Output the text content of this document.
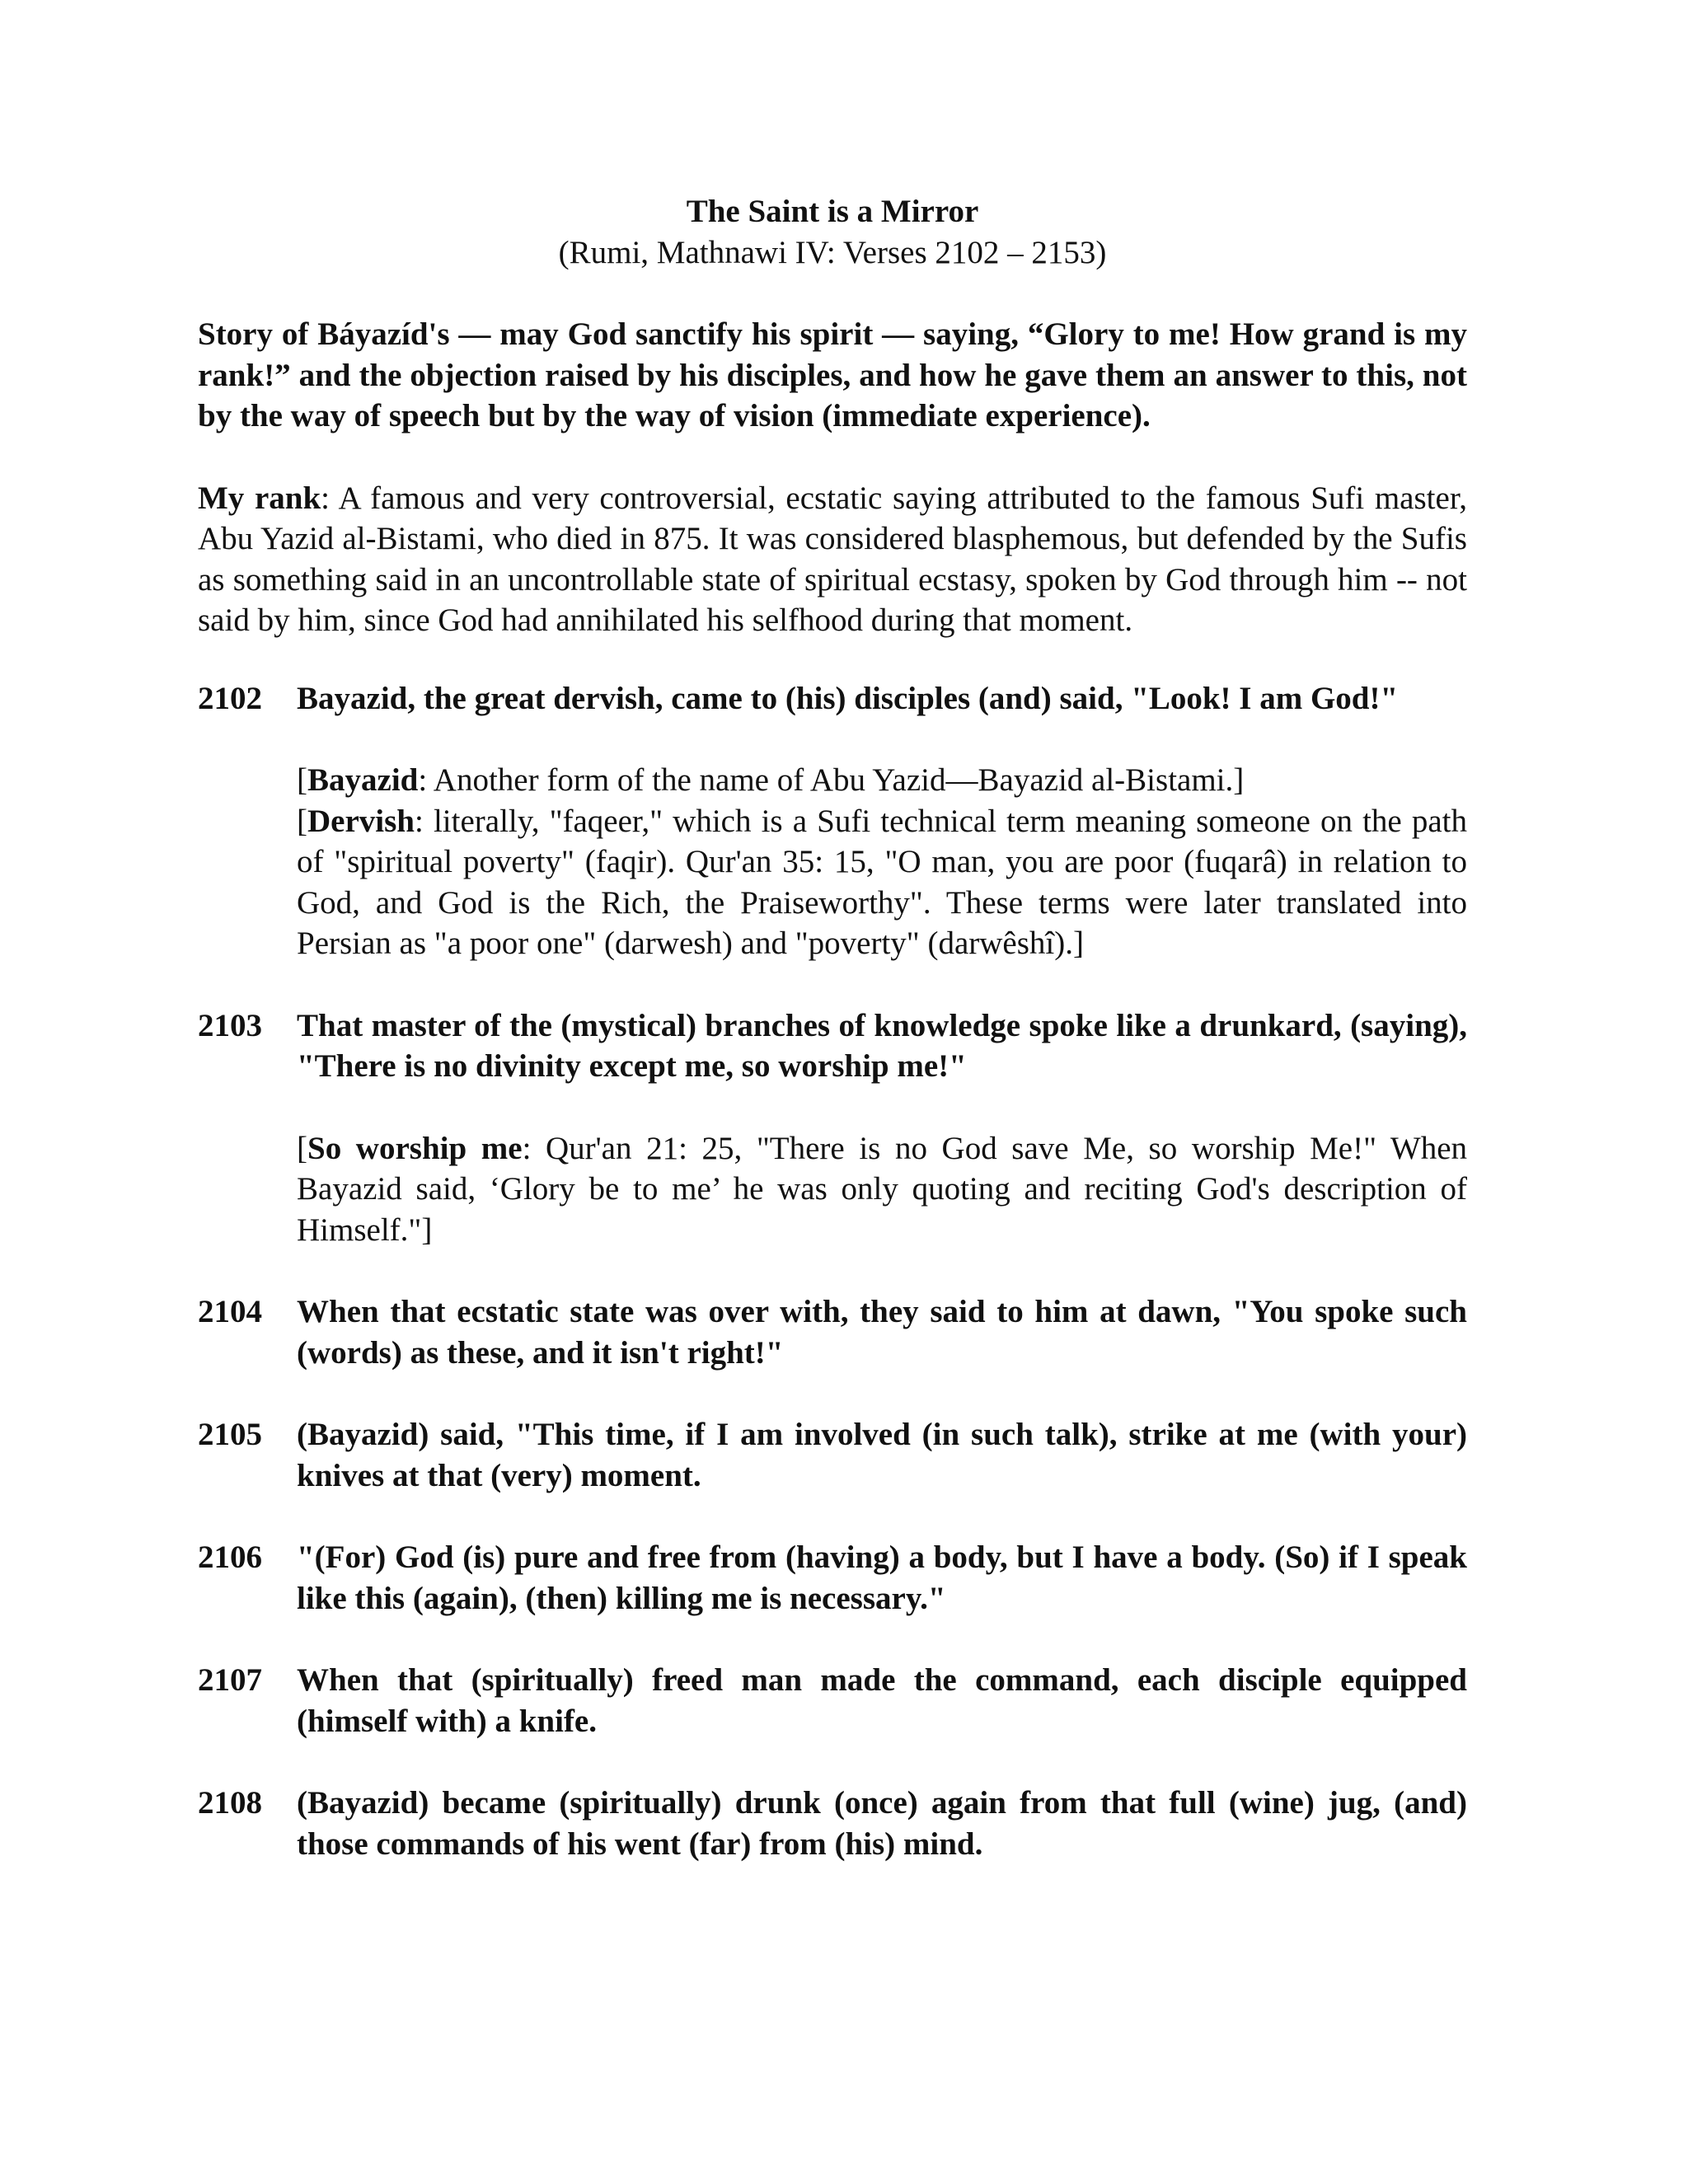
The Saint is a Mirror

(Rumi, Mathnawi IV: Verses 2102 – 2153)

Story of Báyazíd's — may God sanctify his spirit — saying, “Glory to me! How grand is my rank!” and the objection raised by his disciples, and how he gave them an answer to this, not by the way of speech but by the way of vision (immediate experience).

My rank: A famous and very controversial, ecstatic saying attributed to the famous Sufi master, Abu Yazid al-Bistami, who died in 875. It was considered blasphemous, but defended by the Sufis as something said in an uncontrollable state of spiritual ecstasy, spoken by God through him -- not said by him, since God had annihilated his selfhood during that moment.

2102	Bayazid, the great dervish, came to (his) disciples (and) said, "Look! I am God!"

[Bayazid: Another form of the name of Abu Yazid—Bayazid al-Bistami.]

[Dervish: literally, "faqeer," which is a Sufi technical term meaning someone on the path of "spiritual poverty" (faqir). Qur'an 35: 15, "O man, you are poor (fuqarâ) in relation to God, and God is the Rich, the Praiseworthy". These terms were later translated into Persian as "a poor one" (darwesh) and "poverty" (darwêshî).]

2103	That master of the (mystical) branches of knowledge spoke like a drunkard, (saying), "There is no divinity except me, so worship me!"

[So worship me: Qur'an 21: 25, "There is no God save Me, so worship Me!" When Bayazid said, ‘Glory be to me’ he was only quoting and reciting God's description of Himself."]

2104	When that ecstatic state was over with, they said to him at dawn, "You spoke such (words) as these, and it isn't right!"

2105	(Bayazid) said, "This time, if I am involved (in such talk), strike at me (with your) knives at that (very) moment.

2106	"(For) God (is) pure and free from (having) a body, but I have a body. (So) if I speak like this (again), (then) killing me is necessary."

2107	When that (spiritually) freed man made the command, each disciple equipped (himself with) a knife.

2108	(Bayazid) became (spiritually) drunk (once) again from that full (wine) jug, (and) those commands of his went (far) from (his) mind.
